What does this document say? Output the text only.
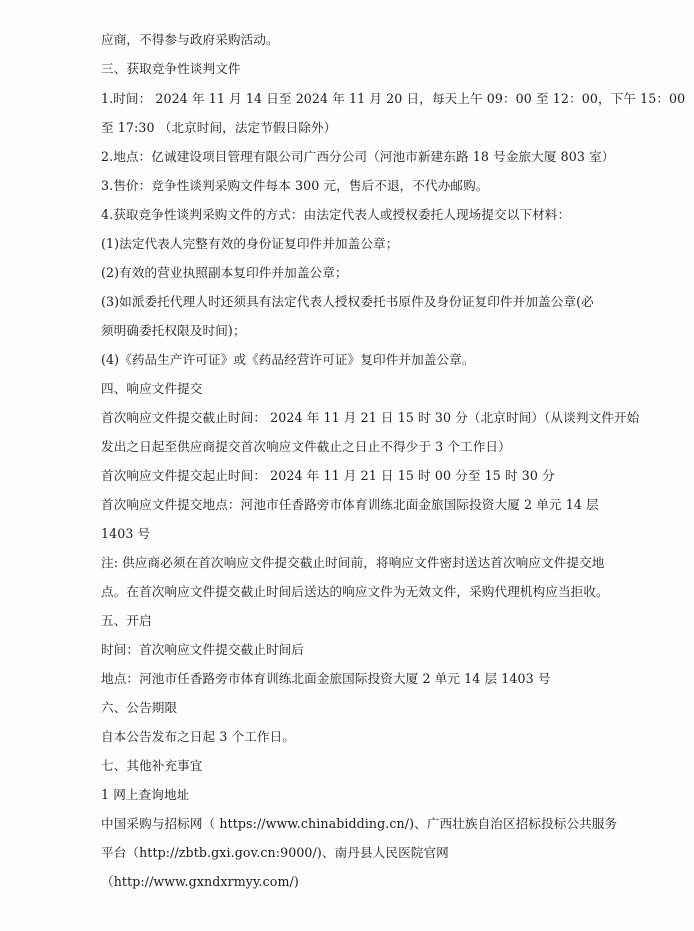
应商，不得参与政府采购活动。
三、获取竞争性谈判文件
1.时间： 2024 年 11 月 14 日至 2024 年 11 月 20 日，每天上午 09：00 至 12：00，下午 15：00
至 17:30 （北京时间，法定节假日除外）
2.地点：亿诚建设项目管理有限公司广西分公司（河池市新建东路 18 号金旅大厦 803 室）
3.售价：竞争性谈判采购文件每本 300 元，售后不退，不代办邮购。
4.获取竞争性谈判采购文件的方式：由法定代表人或授权委托人现场提交以下材料：
(1)法定代表人完整有效的身份证复印件并加盖公章；
(2)有效的营业执照副本复印件并加盖公章；
(3)如派委托代理人时还须具有法定代表人授权委托书原件及身份证复印件并加盖公章(必
须明确委托权限及时间)；
(4)《药品生产许可证》或《药品经营许可证》复印件并加盖公章。
四、响应文件提交
首次响应文件提交截止时间： 2024 年 11 月 21 日 15 时 30 分（北京时间）（从谈判文件开始
发出之日起至供应商提交首次响应文件截止之日止不得少于 3 个工作日）
首次响应文件提交起止时间： 2024 年 11 月 21 日 15 时 00 分至 15 时 30 分
首次响应文件提交地点：河池市任香路旁市体育训练北面金旅国际投资大厦 2 单元 14 层
1403 号
注: 供应商必须在首次响应文件提交截止时间前，将响应文件密封送达首次响应文件提交地
点。在首次响应文件提交截止时间后送达的响应文件为无效文件，采购代理机构应当拒收。
五、开启
时间：首次响应文件提交截止时间后
地点：河池市任香路旁市体育训练北面金旅国际投资大厦 2 单元 14 层 1403 号
六、公告期限
自本公告发布之日起 3 个工作日。
七、其他补充事宜
1 网上查询地址
中国采购与招标网（ https://www.chinabidding.cn/)、广西壮族自治区招标投标公共服务
平台（http://zbtb.gxi.gov.cn:9000/)、南丹县人民医院官网
（http://www.gxndxrmyy.com/)
